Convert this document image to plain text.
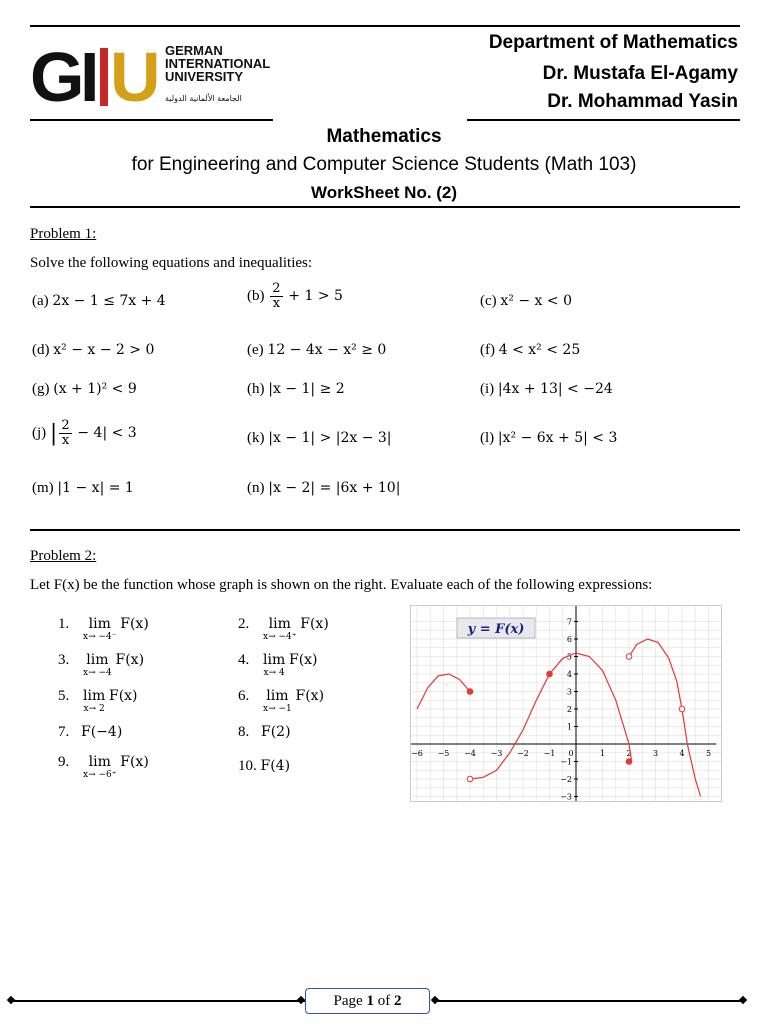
G
I U GERMAN
INTERNATIONAL
UNIVERSITY
الجامعة الألمانية الدولية
Department of Mathematics
Dr. Mustafa El-Agamy
Dr. Mohammad Yasin
Mathematics
for Engineering and Computer Science Students (Math 103)
WorkSheet No. (2)
Problem 1:
Solve the following equations and inequalities:
(a) 2x − 1 ≤ 7x + 4	$(b) \frac{2}{x} + 1 > 5$	(c) x² − x < 0
(d) x² − x − 2 > 0	(e) 12 − 4x − x² ≥ 0	(f) 4 < x² < 25
(g) (x + 1)² < 9	(h) |x − 1| ≥ 2	(i) |4x + 13| < −24
(j) | $\frac{2}{x} - 4| < 3$	(k) |x − 1| > |2x − 3|	(l) |x² − 6x + 5| < 3
(m) |1 − x| = 1	(n) |x − 2| = |6x + 10|
Problem 2:
Let F(x) be the function whose graph is shown on the right. Evaluate each of the following expressions:
1.	lim
x→ −4⁻
F(x)	2.	lim
x→ −4⁺
F(x)
3. lim
x→ −4
F(x)	4. lim
x→ 4
F(x)
5. lim
x→ 2
F(x)	6. lim
x→ −1
F(x)
7. F(−4)	8. F(2)
9.	lim
x→ −6⁺
F(x)	10. F(4)
−6 −5 −4 −3 −2 −1 0	1	2	3	4	5
7
6
5
4
3
2
1
−1
−2
−3
y = F(x)
Page 1 of 2
